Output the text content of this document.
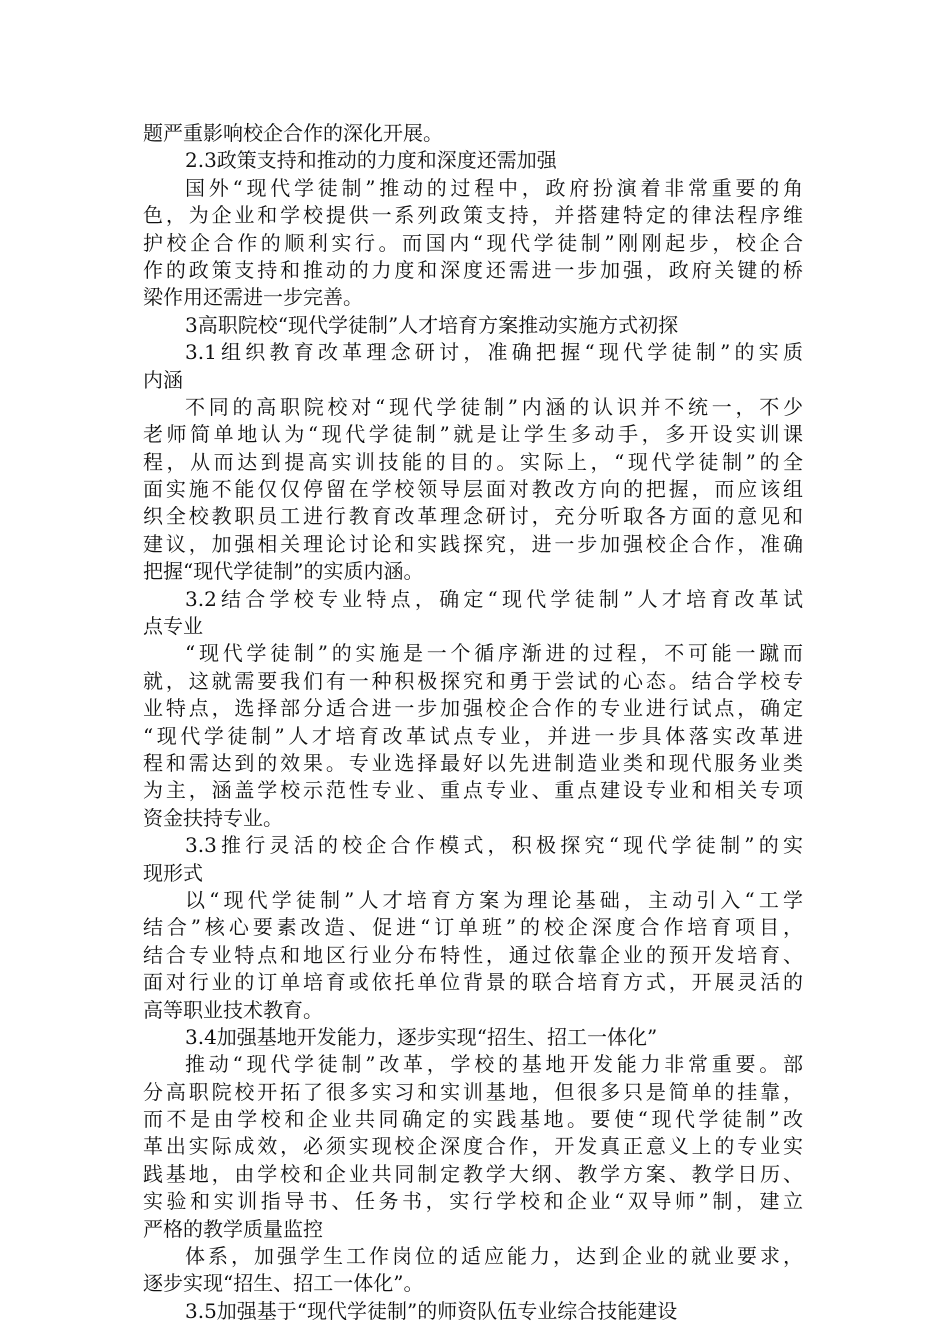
题严重影响校企合作的深化开展。
2.3政策支持和推动的力度和深度还需加强
国外“现代学徒制”推动的过程中，政府扮演着非常重要的角
色，为企业和学校提供一系列政策支持，并搭建特定的律法程序维
护校企合作的顺利实行。而国内“现代学徒制”刚刚起步，校企合
作的政策支持和推动的力度和深度还需进一步加强，政府关键的桥
梁作用还需进一步完善。
3高职院校“现代学徒制”人才培育方案推动实施方式初探
3.1组织教育改革理念研讨，准确把握“现代学徒制”的实质
内涵
不同的高职院校对“现代学徒制”内涵的认识并不统一，不少
老师简单地认为“现代学徒制”就是让学生多动手，多开设实训课
程，从而达到提高实训技能的目的。实际上，“现代学徒制”的全
面实施不能仅仅停留在学校领导层面对教改方向的把握，而应该组
织全校教职员工进行教育改革理念研讨，充分听取各方面的意见和
建议，加强相关理论讨论和实践探究，进一步加强校企合作，准确
把握“现代学徒制”的实质内涵。
3.2结合学校专业特点，确定“现代学徒制”人才培育改革试
点专业
“现代学徒制”的实施是一个循序渐进的过程，不可能一蹴而
就，这就需要我们有一种积极探究和勇于尝试的心态。结合学校专
业特点，选择部分适合进一步加强校企合作的专业进行试点，确定
“现代学徒制”人才培育改革试点专业，并进一步具体落实改革进
程和需达到的效果。专业选择最好以先进制造业类和现代服务业类
为主，涵盖学校示范性专业、重点专业、重点建设专业和相关专项
资金扶持专业。
3.3推行灵活的校企合作模式，积极探究“现代学徒制”的实
现形式
以“现代学徒制”人才培育方案为理论基础，主动引入“工学
结合”核心要素改造、促进“订单班”的校企深度合作培育项目，
结合专业特点和地区行业分布特性，通过依靠企业的预开发培育、
面对行业的订单培育或依托单位背景的联合培育方式，开展灵活的
高等职业技术教育。
3.4加强基地开发能力，逐步实现“招生、招工一体化”
推动“现代学徒制”改革，学校的基地开发能力非常重要。部
分高职院校开拓了很多实习和实训基地，但很多只是简单的挂靠，
而不是由学校和企业共同确定的实践基地。要使“现代学徒制”改
革出实际成效，必须实现校企深度合作，开发真正意义上的专业实
践基地，由学校和企业共同制定教学大纲、教学方案、教学日历、
实验和实训指导书、任务书，实行学校和企业“双导师”制，建立
严格的教学质量监控
体系，加强学生工作岗位的适应能力，达到企业的就业要求，
逐步实现“招生、招工一体化”。
3.5加强基于“现代学徒制”的师资队伍专业综合技能建设
